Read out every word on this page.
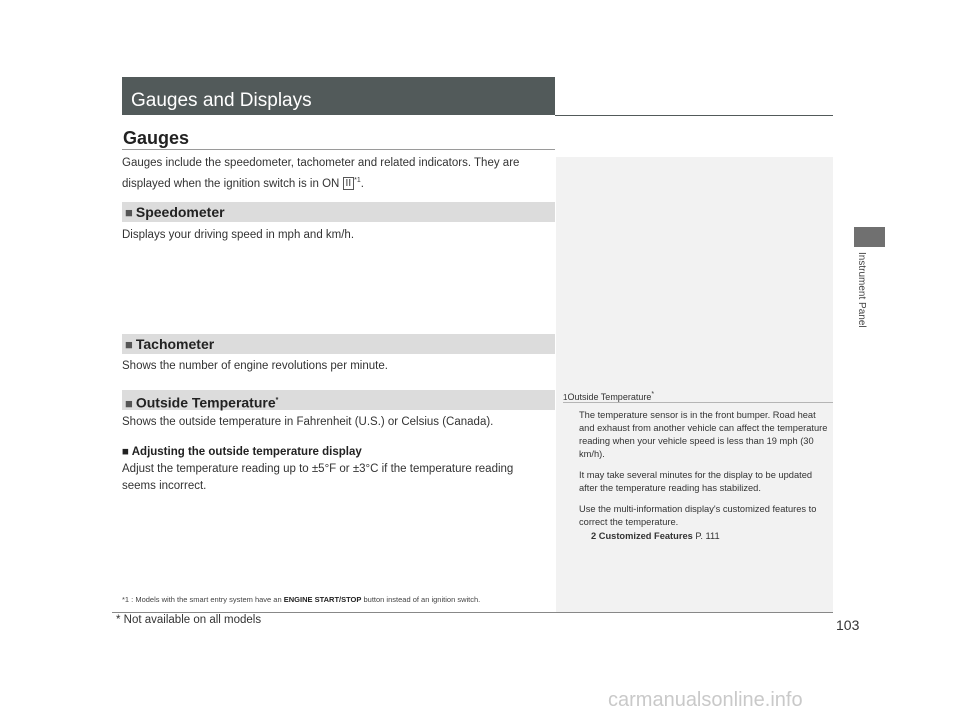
Gauges and Displays
Gauges
Gauges include the speedometer, tachometer and related indicators. They are
displayed when the ignition switch is in ON II $^{*1}$.
■ Speedometer
Displays your driving speed in mph and km/h.
■ Tachometer
Shows the number of engine revolutions per minute.
■ Outside Temperature*
Shows the outside temperature in Fahrenheit (U.S.) or Celsius (Canada).
■ Adjusting the outside temperature display
Adjust the temperature reading up to ±5°F or ±3°C if the temperature reading
seems incorrect.
*1 : Models with the smart entry system have an ENGINE START/STOP button instead of an ignition switch.
1Outside Temperature*

The temperature sensor is in the front bumper. Road heat and exhaust from another vehicle can affect the temperature reading when your vehicle speed is less than 19 mph (30 km/h).

It may take several minutes for the display to be updated after the temperature reading has stabilized.

Use the multi-information display's customized features to correct the temperature.

2 Customized Features P. 111
Instrument Panel
* Not available on all models	103
carmanualsonline.info
